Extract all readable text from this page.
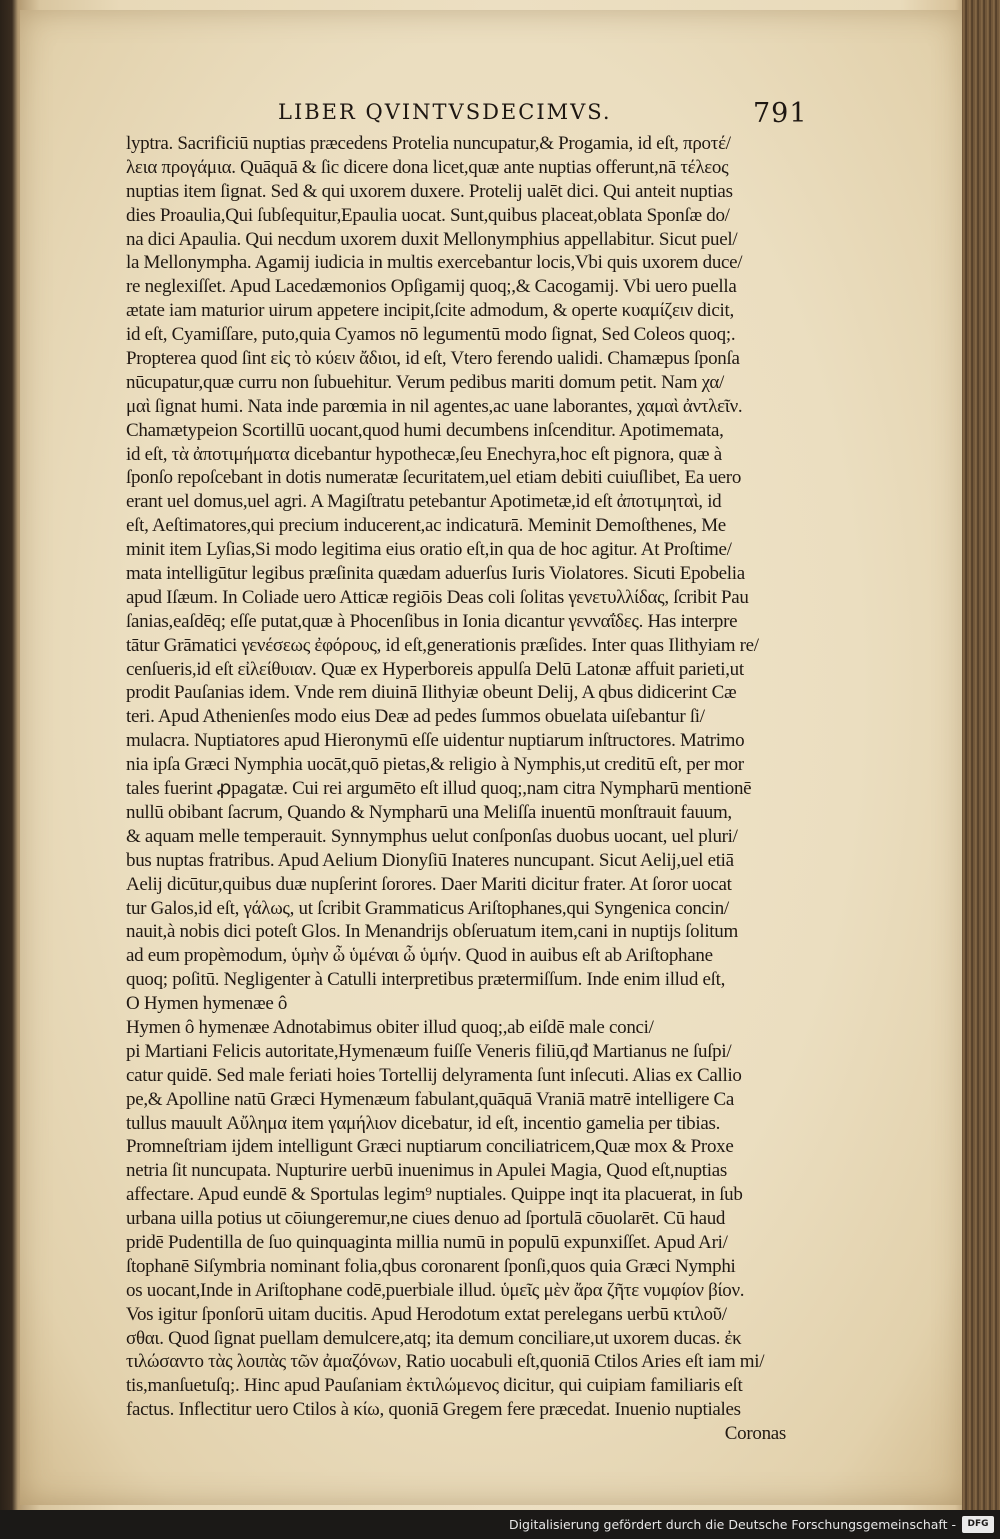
LIBER QVINTVSDECIMVS.	791
lyptra. Sacrificiū nuptias præcedens Protelia nuncupatur,& Progamia, id eſt, προτέ/
λεια προγάμια. Quāquā & ſic dicere dona licet,quæ ante nuptias offerunt,nā τέλεος
nuptias item ſignat. Sed & qui uxorem duxere. Protelij ualēt dici. Qui anteit nuptias
dies Proaulia,Qui ſubſequitur,Epaulia uocat. Sunt,quibus placeat,oblata Sponſæ do/
na dici Apaulia. Qui necdum uxorem duxit Mellonymphius appellabitur. Sicut puel/
la Mellonympha. Agamij iudicia in multis exercebantur locis,Vbi quis uxorem duce/
re neglexiſſet. Apud Lacedæmonios Opſigamij quoq;,& Cacogamij. Vbi uero puella
ætate iam maturior uirum appetere incipit,ſcite admodum, & operte κυαμίζειν dicit,
id eſt, Cyamiſſare, puto,quia Cyamos nō legumentū modo ſignat, Sed Coleos quoq;.
Propterea quod ſint εἰς τὸ κύειν ἄδιοι, id eſt, Vtero ferendo ualidi. Chamæpus ſponſa
nūcupatur,quæ curru non ſubuehitur. Verum pedibus mariti domum petit. Nam χα/
μαὶ ſignat humi. Nata inde parœmia in nil agentes,ac uane laborantes, χαμαὶ ἀντλεῖν.
Chamætypeion Scortillū uocant,quod humi decumbens inſcenditur. Apotimemata,
id eſt, τὰ ἀποτιμήματα dicebantur hypothecæ,ſeu Enechyra,hoc eſt pignora, quæ à
ſponſo repoſcebant in dotis numeratæ ſecuritatem,uel etiam debiti cuiuſlibet, Ea uero
erant uel domus,uel agri. A Magiſtratu petebantur Apotimetæ,id eſt ἀποτιμηταὶ, id
eſt, Aeſtimatores,qui precium inducerent,ac indicaturā. Meminit Demoſthenes, Me
minit item Lyſias,Si modo legitima eius oratio eſt,in qua de hoc agitur. At Proſtime/
mata intelligūtur legibus præſinita quædam aduerſus Iuris Violatores. Sicuti Epobelia
apud Iſæum. In Coliade uero Atticæ regiōis Deas coli ſolitas γενετυλλίδας, ſcribit Pau
ſanias,eaſdēq; eſſe putat,quæ à Phocenſibus in Ionia dicantur γενναΐδες. Has interpre
tātur Grāmatici γενέσεως ἐφόρους, id eſt,generationis præſides. Inter quas Ilithyiam re/
cenſueris,id eſt εἰλείθυιαν. Quæ ex Hyperboreis appulſa Delū Latonæ affuit parieti,ut
prodit Pauſanias idem. Vnde rem diuinā Ilithyiæ obeunt Delij, A qbus didicerint Cæ
teri. Apud Athenienſes modo eius Deæ ad pedes ſummos obuelata uiſebantur ſi/
mulacra. Nuptiatores apud Hieronymū eſſe uidentur nuptiarum inſtructores. Matrimo
nia ipſa Græci Nymphia uocāt,quō pietas,& religio à Nymphis,ut creditū eſt, per mor
tales fuerint ꝓpagatæ. Cui rei argumēto eſt illud quoq;,nam citra Nympharū mentionē
nullū obibant ſacrum, Quando & Nympharū una Meliſſa inuentū monſtrauit fauum,
& aquam melle temperauit. Synnymphus uelut conſponſas duobus uocant, uel pluri/
bus nuptas fratribus. Apud Aelium Dionyſiū Inateres nuncupant. Sicut Aelij,uel etiā
Aelij dicūtur,quibus duæ nupſerint ſorores. Daer Mariti dicitur frater. At ſoror uocat
tur Galos,id eſt, γάλως, ut ſcribit Grammaticus Ariſtophanes,qui Syngenica concin/
nauit,à nobis dici poteſt Glos. In Menandrijs obſeruatum item,cani in nuptijs ſolitum
ad eum propèmodum, ὑμὴν ὦ ὑμέναι ὦ ὑμήν. Quod in auibus eſt ab Ariſtophane
quoq; poſitū. Negligenter à Catulli interpretibus prætermiſſum. Inde enim illud eſt,
O Hymen hymenæe ô
Hymen ô hymenæe Adnotabimus obiter illud quoq;,ab eiſdē male conci/
pi Martiani Felicis autoritate,Hymenæum fuiſſe Veneris filiū,qđ Martianus ne ſuſpi/
catur quidē. Sed male feriati hoies Tortellij delyramenta ſunt inſecuti. Alias ex Callio
pe,& Apolline natū Græci Hymenæum fabulant,quāquā Vraniā matrē intelligere Ca
tullus mauult Αὔλημα item γαμήλιον dicebatur, id eſt, incentio gamelia per tibias.
Promneſtriam ijdem intelligunt Græci nuptiarum conciliatricem,Quæ mox & Proxe
netria ſit nuncupata. Nupturire uerbū inuenimus in Apulei Magia, Quod eſt,nuptias
affectare. Apud eundē & Sportulas legim⁹ nuptiales. Quippe inqt ita placuerat, in ſub
urbana uilla potius ut cōiungeremur,ne ciues denuo ad ſportulā cōuolarēt. Cū haud
pridē Pudentilla de ſuo quinquaginta millia numū in populū expunxiſſet. Apud Ari/
ſtophanē Siſymbria nominant folia,qbus coronarent ſponſi,quos quia Græci Nymphi
os uocant,Inde in Ariſtophane codē,puerbiale illud. ὑμεῖς μὲν ἄρα ζῆτε νυμφίον βίον.
Vos igitur ſponſorū uitam ducitis. Apud Herodotum extat perelegans uerbū κτιλοῦ/
σθαι. Quod ſignat puellam demulcere,atq; ita demum conciliare,ut uxorem ducas. ἐκ
τιλώσαντο τὰς λοιπὰς τῶν ἀμαζόνων, Ratio uocabuli eſt,quoniā Ctilos Aries eſt iam mi/
tis,manſuetuſq;. Hinc apud Pauſaniam ἐκτιλώμενος dicitur, qui cuipiam familiaris eſt
factus. Inflectitur uero Ctilos à κίω, quoniā Gregem fere præcedat. Inuenio nuptiales
Coronas
Digitalisierung gefördert durch die Deutsche Forschungsgemeinschaft -	DFG
